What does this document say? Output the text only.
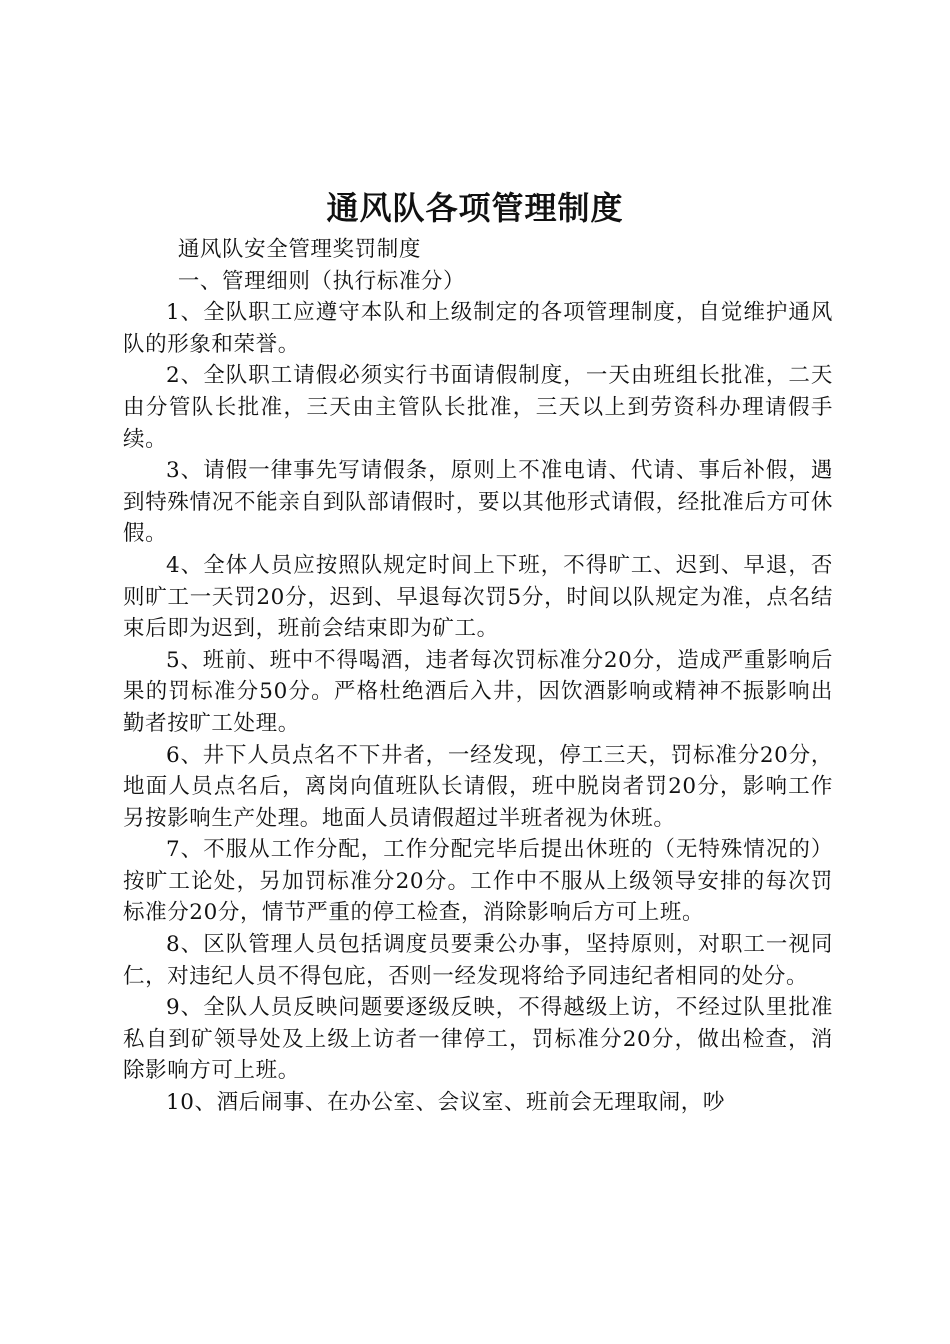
通风队各项管理制度

通风队安全管理奖罚制度

一、管理细则（执行标准分）

1、全队职工应遵守本队和上级制定的各项管理制度，自觉维护通风队的形象和荣誉。

2、全队职工请假必须实行书面请假制度，一天由班组长批准，二天由分管队长批准，三天由主管队长批准，三天以上到劳资科办理请假手续。

3、请假一律事先写请假条，原则上不准电请、代请、事后补假，遇到特殊情况不能亲自到队部请假时，要以其他形式请假，经批准后方可休假。

4、全体人员应按照队规定时间上下班，不得旷工、迟到、早退，否则旷工一天罚20分，迟到、早退每次罚5分，时间以队规定为准，点名结束后即为迟到，班前会结束即为矿工。

5、班前、班中不得喝酒，违者每次罚标准分20分，造成严重影响后果的罚标准分50分。严格杜绝酒后入井，因饮酒影响或精神不振影响出勤者按旷工处理。

6、井下人员点名不下井者，一经发现，停工三天，罚标准分20分，地面人员点名后，离岗向值班队长请假，班中脱岗者罚20分，影响工作另按影响生产处理。地面人员请假超过半班者视为休班。

7、不服从工作分配，工作分配完毕后提出休班的（无特殊情况的）按旷工论处，另加罚标准分20分。工作中不服从上级领导安排的每次罚标准分20分，情节严重的停工检查，消除影响后方可上班。

8、区队管理人员包括调度员要秉公办事，坚持原则，对职工一视同仁，对违纪人员不得包庇，否则一经发现将给予同违纪者相同的处分。

9、全队人员反映问题要逐级反映，不得越级上访，不经过队里批准私自到矿领导处及上级上访者一律停工，罚标准分20分，做出检查，消除影响方可上班。

10、酒后闹事、在办公室、会议室、班前会无理取闹，吵
